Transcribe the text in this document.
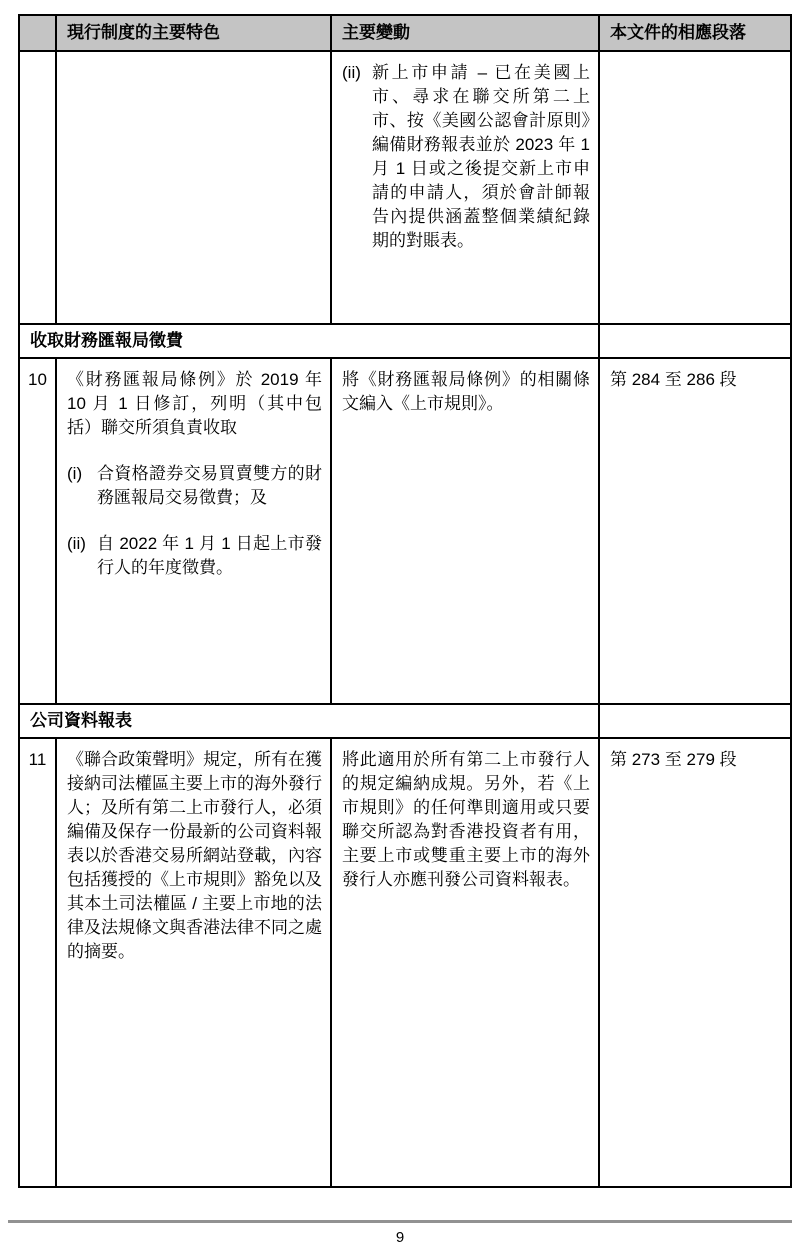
	現行制度的主要特色	主要變動	本文件的相應段落

		(ii) 新上市申請 – 已在美國上市、尋求在聯交所第二上市、按《美國公認會計原則》編備財務報表並於 2023 年 1 月 1 日或之後提交新上市申請的申請人，須於會計師報告內提供涵蓋整個業績紀錄期的對賬表。	

收取財務匯報局徵費			
10	《財務匯報局條例》於 2019 年 10 月 1 日修訂，列明（其中包括）聯交所須負責收取
(i) 合資格證券交易買賣雙方的財務匯報局交易徵費；及
(ii) 自 2022 年 1 月 1 日起上市發行人的年度徵費。	將《財務匯報局條例》的相關條文編入《上市規則》。	第 284 至 286 段
公司資料報表			
11	《聯合政策聲明》規定，所有在獲接納司法權區主要上市的海外發行人；及所有第二上市發行人，必須編備及保存一份最新的公司資料報表以於香港交易所網站登載，內容包括獲授的《上市規則》豁免以及其本土司法權區 / 主要上市地的法律及法規條文與香港法律不同之處的摘要。	將此適用於所有第二上市發行人的規定編納成規。另外，若《上市規則》的任何準則適用或只要聯交所認為對香港投資者有用，主要上市或雙重主要上市的海外發行人亦應刊發公司資料報表。	第 273 至 279 段
9
